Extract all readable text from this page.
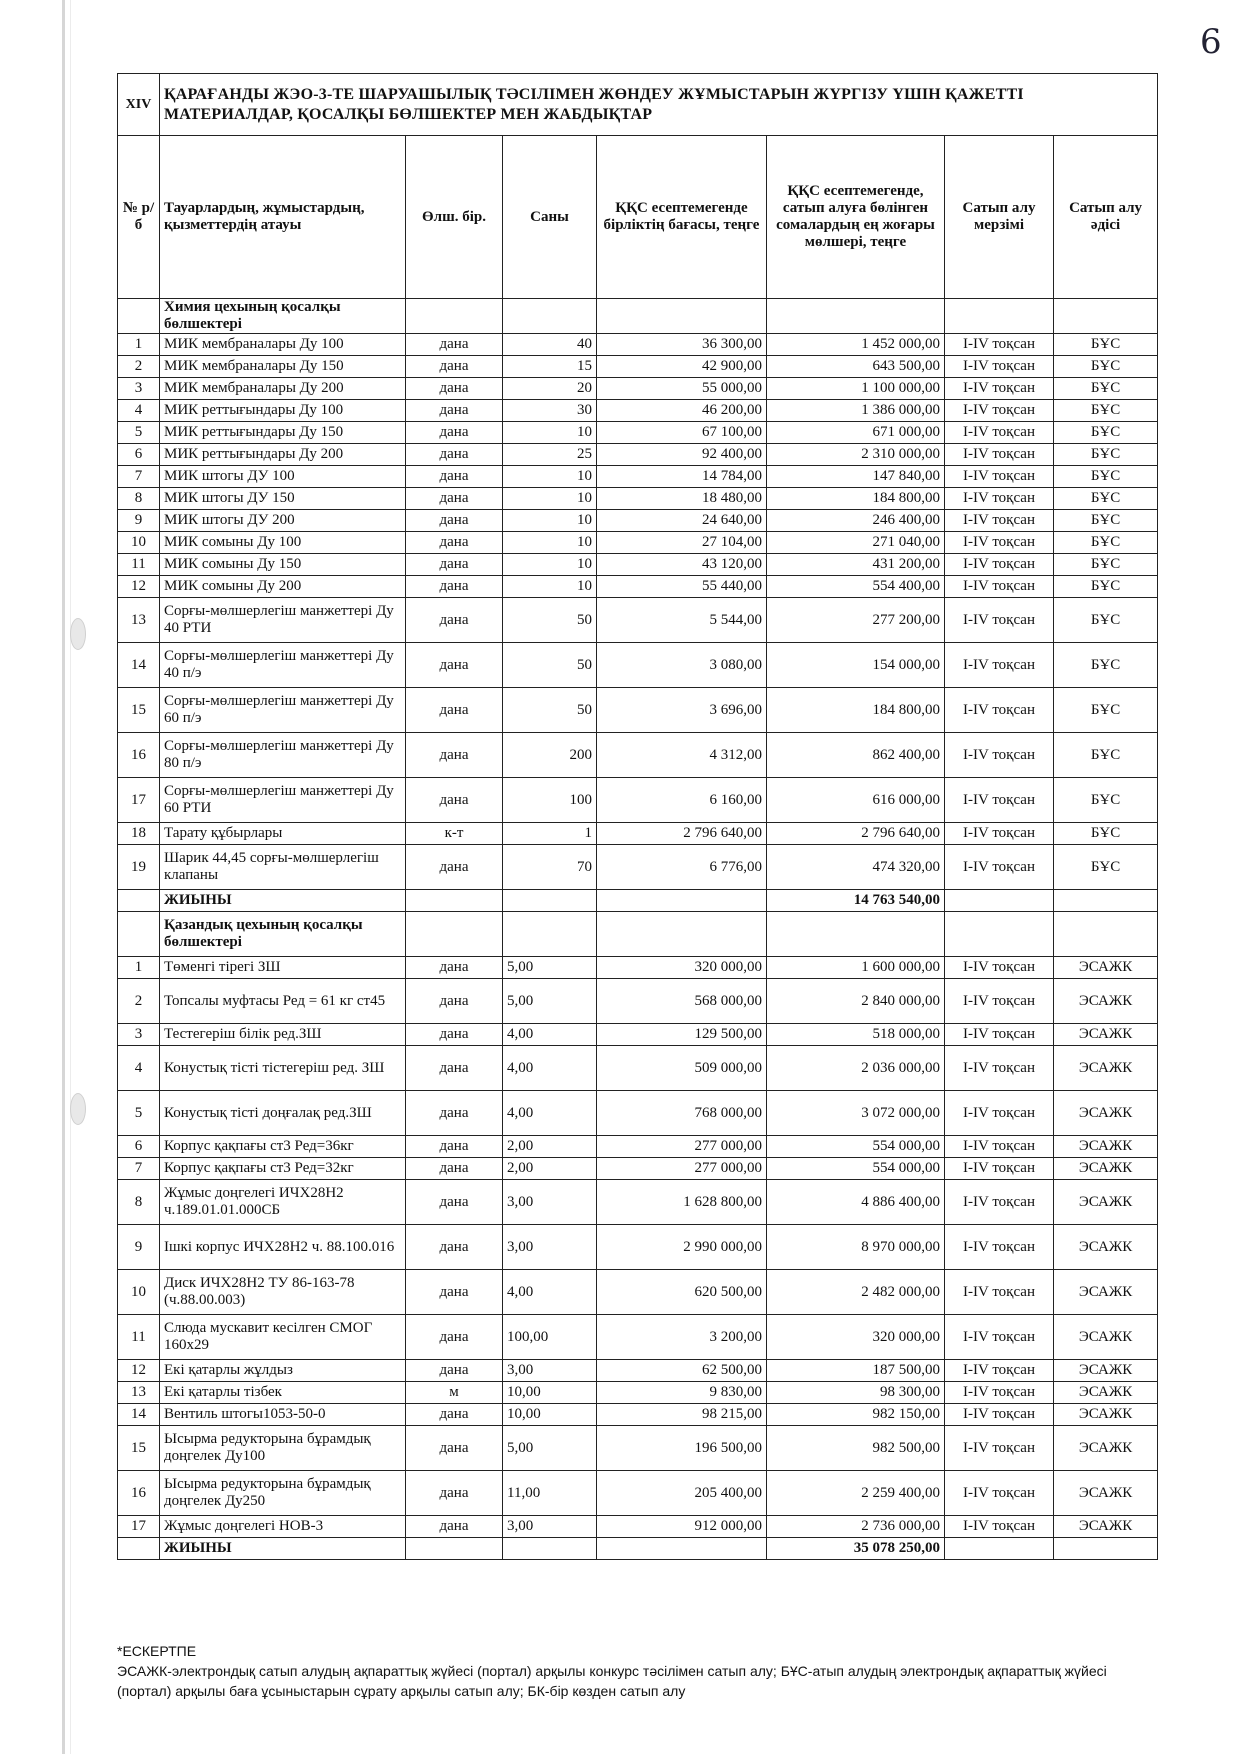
6
XIV	ҚАРАҒАНДЫ ЖЭО-3-ТЕ ШАРУАШЫЛЫҚ ТӘСІЛІМЕН ЖӨНДЕУ ЖҰМЫСТАРЫН ЖҮРГІЗУ ҮШІН ҚАЖЕТТІ МАТЕРИАЛДАР, ҚОСАЛҚЫ БӨЛШЕКТЕР МЕН ЖАБДЫҚТАР						
№ р/б	Тауарлардың, жұмыстардың, қызметтердің атауы	Өлш. бір.	Саны	ҚҚС есептемегенде бірліктің бағасы, теңге	ҚҚС есептемегенде, сатып алуға бөлінген сомалардың ең жоғары мөлшері, теңге	Сатып алу мерзімі	Сатып алу әдісі
	Химия цехының қосалқы бөлшектері						
1	МИК мембраналары Ду 100	дана	40	36 300,00	1 452 000,00	I-IV тоқсан	БҰС
2	МИК мембраналары Ду 150	дана	15	42 900,00	643 500,00	I-IV тоқсан	БҰС
3	МИК мембраналары Ду 200	дана	20	55 000,00	1 100 000,00	I-IV тоқсан	БҰС
4	МИК реттығындары Ду 100	дана	30	46 200,00	1 386 000,00	I-IV тоқсан	БҰС
5	МИК реттығындары Ду 150	дана	10	67 100,00	671 000,00	I-IV тоқсан	БҰС
6	МИК реттығындары Ду 200	дана	25	92 400,00	2 310 000,00	I-IV тоқсан	БҰС
7	МИК штогы ДУ 100	дана	10	14 784,00	147 840,00	I-IV тоқсан	БҰС
8	МИК штогы ДУ 150	дана	10	18 480,00	184 800,00	I-IV тоқсан	БҰС
9	МИК штогы ДУ 200	дана	10	24 640,00	246 400,00	I-IV тоқсан	БҰС
10	МИК сомыны Ду 100	дана	10	27 104,00	271 040,00	I-IV тоқсан	БҰС
11	МИК сомыны Ду 150	дана	10	43 120,00	431 200,00	I-IV тоқсан	БҰС
12	МИК сомыны Ду 200	дана	10	55 440,00	554 400,00	I-IV тоқсан	БҰС
13	Сорғы-мөлшерлегіш манжеттері Ду 40 РТИ	дана	50	5 544,00	277 200,00	I-IV тоқсан	БҰС
14	Сорғы-мөлшерлегіш манжеттері Ду 40 п/э	дана	50	3 080,00	154 000,00	I-IV тоқсан	БҰС
15	Сорғы-мөлшерлегіш манжеттері Ду 60 п/э	дана	50	3 696,00	184 800,00	I-IV тоқсан	БҰС
16	Сорғы-мөлшерлегіш манжеттері Ду 80 п/э	дана	200	4 312,00	862 400,00	I-IV тоқсан	БҰС
17	Сорғы-мөлшерлегіш манжеттері Ду 60 РТИ	дана	100	6 160,00	616 000,00	I-IV тоқсан	БҰС
18	Тарату құбырлары	к-т	1	2 796 640,00	2 796 640,00	I-IV тоқсан	БҰС
19	Шарик 44,45 сорғы-мөлшерлегіш клапаны	дана	70	6 776,00	474 320,00	I-IV тоқсан	БҰС
	ЖИЫНЫ				14 763 540,00		
	Қазандық цехының қосалқы бөлшектері						
1	Төменгі тірегі ЗШ	дана	5,00	320 000,00	1 600 000,00	I-IV тоқсан	ЭСАЖК
2	Топсалы муфтасы Ред = 61 кг ст45	дана	5,00	568 000,00	2 840 000,00	I-IV тоқсан	ЭСАЖК
3	Тестегеріш білік ред.ЗШ	дана	4,00	129 500,00	518 000,00	I-IV тоқсан	ЭСАЖК
4	Конустық тісті тістегеріш ред. ЗШ	дана	4,00	509 000,00	2 036 000,00	I-IV тоқсан	ЭСАЖК
5	Конустық тісті доңғалақ ред.ЗШ	дана	4,00	768 000,00	3 072 000,00	I-IV тоқсан	ЭСАЖК
6	Корпус қақпағы ст3 Ред=36кг	дана	2,00	277 000,00	554 000,00	I-IV тоқсан	ЭСАЖК
7	Корпус қақпағы ст3 Ред=32кг	дана	2,00	277 000,00	554 000,00	I-IV тоқсан	ЭСАЖК
8	Жұмыс доңгелегі ИЧХ28Н2 ч.189.01.01.000СБ	дана	3,00	1 628 800,00	4 886 400,00	I-IV тоқсан	ЭСАЖК
9	Ішкі корпус ИЧХ28Н2 ч. 88.100.016	дана	3,00	2 990 000,00	8 970 000,00	I-IV тоқсан	ЭСАЖК
10	Диск ИЧХ28Н2 ТУ 86-163-78 (ч.88.00.003)	дана	4,00	620 500,00	2 482 000,00	I-IV тоқсан	ЭСАЖК
11	Слюда мускавит кесілген СМОГ 160х29	дана	100,00	3 200,00	320 000,00	I-IV тоқсан	ЭСАЖК
12	Екі қатарлы жұлдыз	дана	3,00	62 500,00	187 500,00	I-IV тоқсан	ЭСАЖК
13	Екі қатарлы тізбек	м	10,00	9 830,00	98 300,00	I-IV тоқсан	ЭСАЖК
14	Вентиль штогы1053-50-0	дана	10,00	98 215,00	982 150,00	I-IV тоқсан	ЭСАЖК
15	Ысырма редукторына бұрамдық доңгелек Ду100	дана	5,00	196 500,00	982 500,00	I-IV тоқсан	ЭСАЖК
16	Ысырма редукторына бұрамдық доңгелек Ду250	дана	11,00	205 400,00	2 259 400,00	I-IV тоқсан	ЭСАЖК
17	Жұмыс доңгелегі НОВ-3	дана	3,00	912 000,00	2 736 000,00	I-IV тоқсан	ЭСАЖК
	ЖИЫНЫ				35 078 250,00		
*ЕСКЕРТПЕ
ЭСАЖК-электрондық сатып алудың ақпараттық жүйесі (портал) арқылы конкурс тәсілімен сатып алу; БҰС-атып алудың электрондық ақпараттық жүйесі (портал) арқылы баға ұсыныстарын сұрату арқылы сатып алу; БК-бір көзден сатып алу
